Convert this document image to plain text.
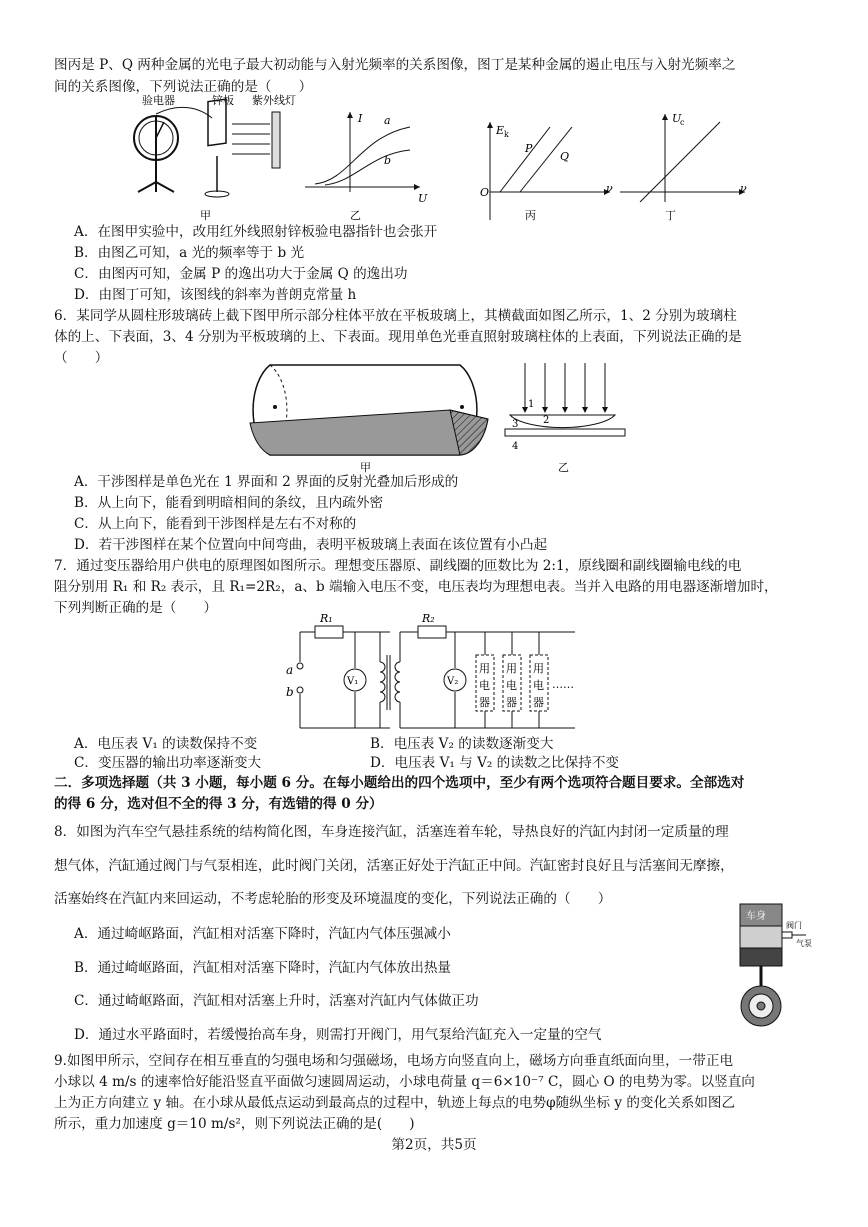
图丙是 P、Q 两种金属的光电子最大初动能与入射光频率的关系图像，图丁是某种金属的遏止电压与入射光频率之
间的关系图像，下列说法正确的是（　　）
验电器	锌板 紫外线灯
甲
I
U
a
b
乙
E k
O	ν
P
Q
丙
U
c
ν
丁
A．在图甲实验中，改用红外线照射锌板验电器指针也会张开
B．由图乙可知，a 光的频率等于 b 光
C．由图丙可知，金属 P 的逸出功大于金属 Q 的逸出功
D．由图丁可知，该图线的斜率为普朗克常量 h
6．某同学从圆柱形玻璃砖上截下图甲所示部分柱体平放在平板玻璃上，其横截面如图乙所示，1、2 分别为玻璃柱
体的上、下表面，3、4 分别为平板玻璃的上、下表面。现用单色光垂直照射玻璃柱体的上表面，下列说法正确的是
（　　）
甲
1
2
3
4
乙
A．干涉图样是单色光在 1 界面和 2 界面的反射光叠加后形成的
B．从上向下，能看到明暗相间的条纹，且内疏外密
C．从上向下，能看到干涉图样是左右不对称的
D．若干涉图样在某个位置向中间弯曲，表明平板玻璃上表面在该位置有小凸起
7．通过变压器给用户供电的原理图如图所示。理想变压器原、副线圈的匝数比为 2:1，原线圈和副线圈输电线的电
阻分别用 R₁ 和 R₂ 表示，且 R₁=2R₂，a、b 端输入电压不变，电压表均为理想电表。当并入电路的用电器逐渐增加时，
下列判断正确的是（　　）
R₁
a
b
V₁
R₂
V₂
用
电
器
用
电
器
用
电
器
……
A．电压表 V₁ 的读数保持不变	B．电压表 V₂ 的读数逐渐变大
C．变压器的输出功率逐渐变大	D．电压表 V₁ 与 V₂ 的读数之比保持不变
二．多项选择题（共 3 小题，每小题 6 分。在每小题给出的四个选项中，至少有两个选项符合题目要求。全部选对
的得 6 分，选对但不全的得 3 分，有选错的得 0 分）
8．如图为汽车空气悬挂系统的结构简化图，车身连接汽缸，活塞连着车轮，导热良好的汽缸内封闭一定质量的理
想气体，汽缸通过阀门与气泵相连，此时阀门关闭，活塞正好处于汽缸正中间。汽缸密封良好且与活塞间无摩擦，
活塞始终在汽缸内来回运动，不考虑轮胎的形变及环境温度的变化，下列说法正确的（　　）
车身
阀门
气泵
A．通过崎岖路面，汽缸相对活塞下降时，汽缸内气体压强减小
B．通过崎岖路面，汽缸相对活塞下降时，汽缸内气体放出热量
C．通过崎岖路面，汽缸相对活塞上升时，活塞对汽缸内气体做正功
D．通过水平路面时，若缓慢抬高车身，则需打开阀门，用气泵给汽缸充入一定量的空气
9.如图甲所示，空间存在相互垂直的匀强电场和匀强磁场，电场方向竖直向上，磁场方向垂直纸面向里，一带正电
小球以 4 m/s 的速率恰好能沿竖直平面做匀速圆周运动，小球电荷量 q＝6×10⁻⁷ C，圆心 O 的电势为零。以竖直向
上为正方向建立 y 轴。在小球从最低点运动到最高点的过程中，轨迹上每点的电势φ随纵坐标 y 的变化关系如图乙
所示，重力加速度 g＝10 m/s²，则下列说法正确的是(　　)
第2页，共5页
